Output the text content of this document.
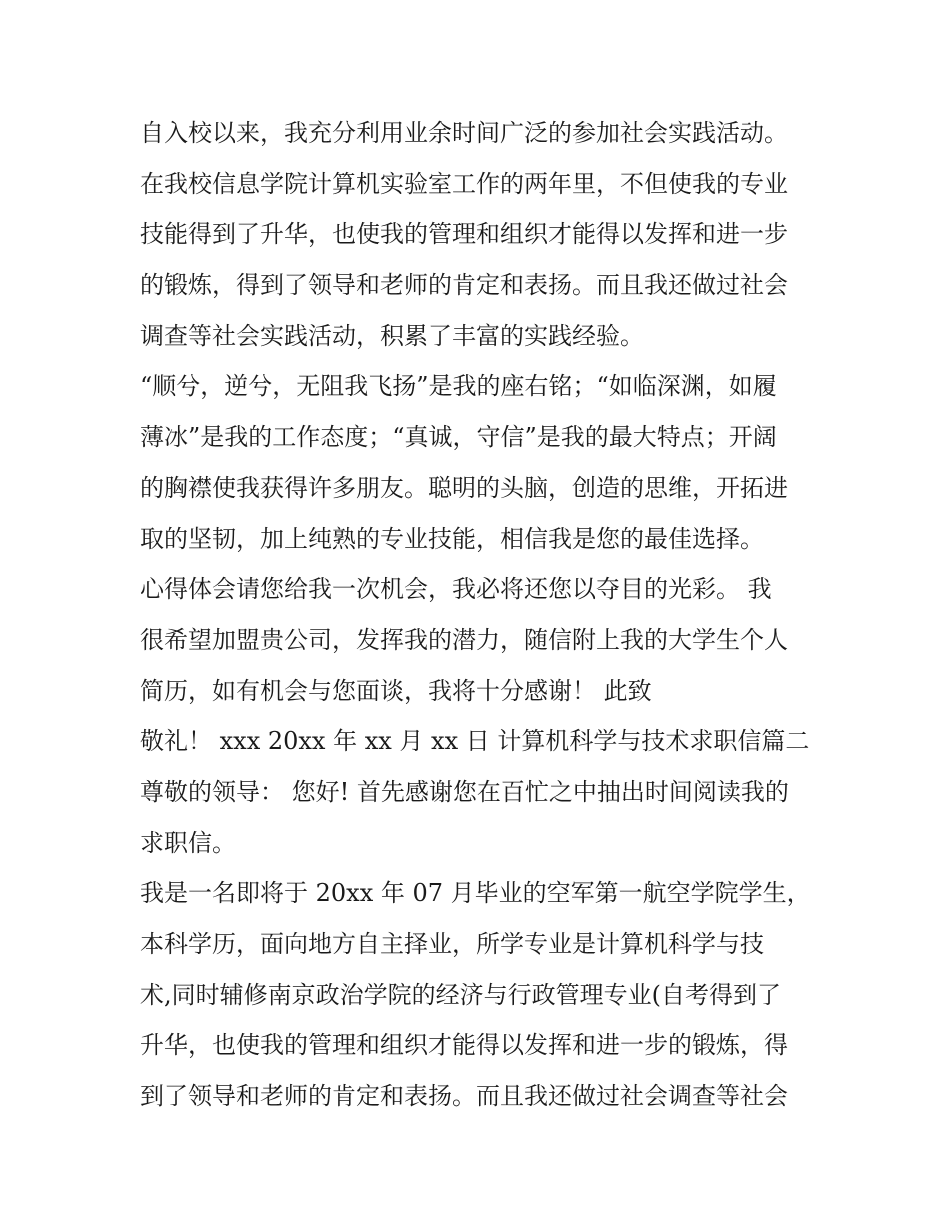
自入校以来，我充分利用业余时间广泛的参加社会实践活动。
在我校信息学院计算机实验室工作的两年里，不但使我的专业
技能得到了升华，也使我的管理和组织才能得以发挥和进一步
的锻炼，得到了领导和老师的肯定和表扬。而且我还做过社会
调查等社会实践活动，积累了丰富的实践经验。
“顺兮，逆兮，无阻我飞扬”是我的座右铭；“如临深渊，如履
薄冰”是我的工作态度；“真诚，守信”是我的最大特点；开阔
的胸襟使我获得许多朋友。聪明的头脑，创造的思维，开拓进
取的坚韧，加上纯熟的专业技能，相信我是您的最佳选择。
心得体会请您给我一次机会，我必将还您以夺目的光彩。 我
很希望加盟贵公司，发挥我的潜力，随信附上我的大学生个人
简历，如有机会与您面谈，我将十分感谢！ 此致
敬礼！ xxx 20xx 年 xx 月 xx 日 计算机科学与技术求职信篇二
尊敬的领导： 您好! 首先感谢您在百忙之中抽出时间阅读我的
求职信。
我是一名即将于 20xx 年 07 月毕业的空军第一航空学院学生，
本科学历，面向地方自主择业，所学专业是计算机科学与技
术,同时辅修南京政治学院的经济与行政管理专业(自考得到了
升华，也使我的管理和组织才能得以发挥和进一步的锻炼，得
到了领导和老师的肯定和表扬。而且我还做过社会调查等社会
